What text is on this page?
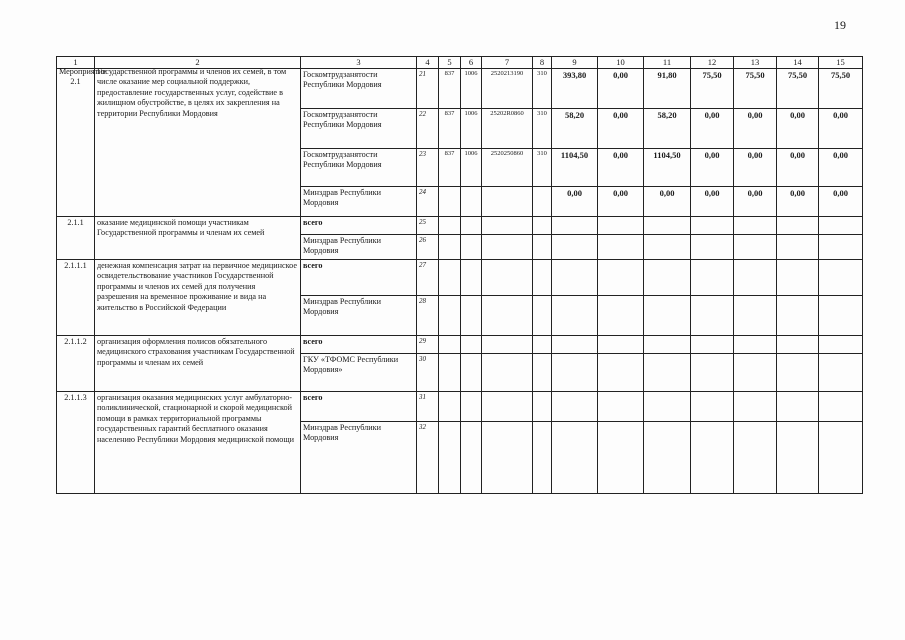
19
1	2	3	4	5	6	7	8	9	10	11	12	13	14	15

Мероприятие 2.1	Государственной программы и членов их семей, в том числе оказание мер социальной поддержки, предоставление государственных услуг, содействие в жилищном обустройстве, в целях их закрепления на территории Республики Мордовия	Госкомтрудзанятости Республики Мордовия	21	837	1006	2520213190	310	393,80	0,00	91,80	75,50	75,50	75,50	75,50
		Госкомтрудзанятости Республики Мордовия	22	837	1006	25202R0860	310	58,20	0,00	58,20	0,00	0,00	0,00	0,00
		Госкомтрудзанятости Республики Мордовия	23	837	1006	2520250860	310	1104,50	0,00	1104,50	0,00	0,00	0,00	0,00
		Минздрав Республики Мордовия	24					0,00	0,00	0,00	0,00	0,00	0,00	0,00
2.1.1	оказание медицинской помощи участникам Государственной программы и членам их семей	всего	25											
		Минздрав Республики Мордовия	26											
2.1.1.1	денежная компенсация затрат на первичное медицинское освидетельствование участников Государственной программы и членов их семей для получения разрешения на временное проживание и вида на жительство в Российской Федерации	всего	27											
		Минздрав Республики Мордовия	28											
2.1.1.2	организация оформления полисов обязательного медицинского страхования участникам Государственной программы и членам их семей	всего	29											
		ГКУ «ТФОМС Республики Мордовия»	30											
2.1.1.3	организация оказания медицинских услуг амбулаторно-поликлинической, стационарной и скорой медицинской помощи в рамках территориальной программы государственных гарантий бесплатного оказания населению Республики Мордовия медицинской помощи	всего	31											
		Минздрав Республики Мордовия	32											
